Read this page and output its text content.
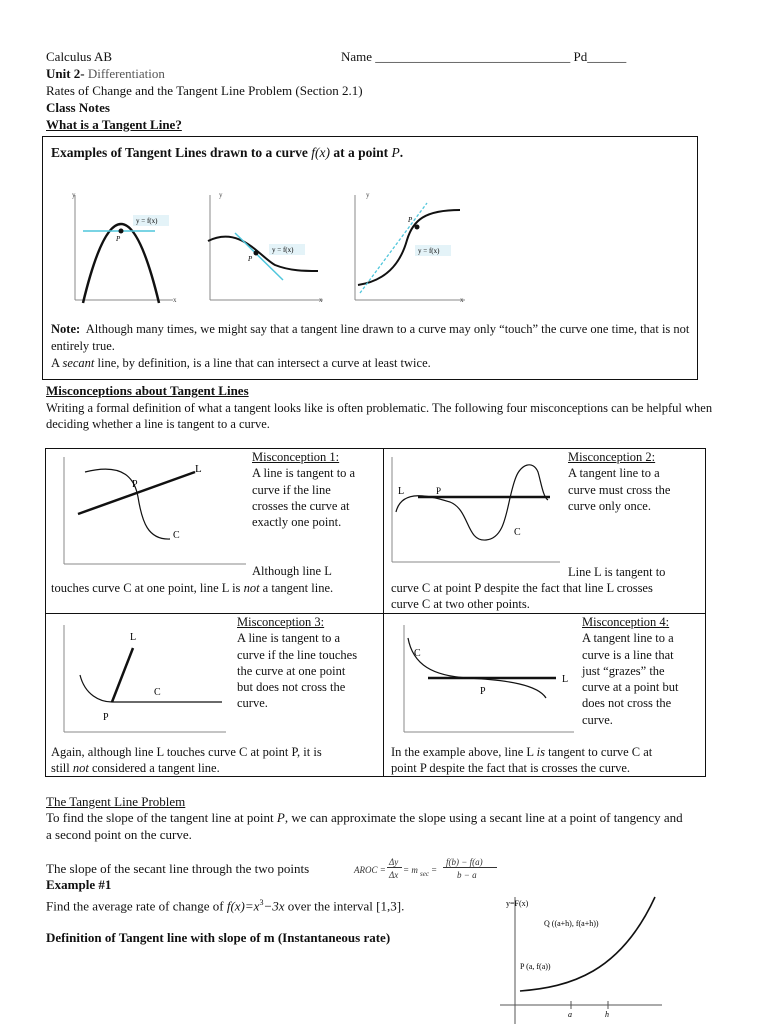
Calculus AB	Name ______________________________ Pd______
Unit 2- Differentiation
Rates of Change and the Tangent Line Problem (Section 2.1)
Class Notes
What is a Tangent Line?
Examples of Tangent Lines drawn to a curve f(x) at a point P.
y
x
P
y = f(x)
y
x
P
y = f(x)
y
x
P
y = f(x)
Note: Although many times, we might say that a tangent line drawn to a curve may only “touch” the curve one time, that is not entirely true.
A secant line, by definition, is a line that can intersect a curve at least twice.
Misconceptions about Tangent Lines
Writing a formal definition of what a tangent looks like is often problematic. The following four misconceptions can be helpful when deciding whether a line is tangent to a curve.
L
P
C
Misconception 1:
A line is tangent to a
curve if the line
crosses the curve at
exactly one point.
Although line L
touches curve C at one point, line L is not a tangent line.
L	P
C
Misconception 2:
A tangent line to a
curve must cross the
curve only once.
Line L is tangent to
curve C at point P despite the fact that line L crosses
curve C at two other points.
L
P
C
Misconception 3:
A line is tangent to a
curve if the line touches
the curve at one point
but does not cross the
curve.
Again, although line L touches curve C at point P, it is
still not considered a tangent line.
C
P
L
Misconception 4:
A tangent line to a
curve is a line that
just “grazes” the
curve at a point but
does not cross the
curve.
In the example above, line L is tangent to curve C at
point P despite the fact that is crosses the curve.
The Tangent Line Problem
To find the slope of the tangent line at point P, we can approximate the slope using a secant line at a point of tangency and
a second point on the curve.
The slope of the secant line through the two points	AROC =
Δy
Δx = m sec =
f(b) − f(a)
b − a
Example #1
Find the average rate of change of $f(x)=x^3-3x$ over the interval [1,3].
Definition of Tangent line with slope of m (Instantaneous rate)
y=F(x)
Q ((a+h), f(a+h))
P (a, f(a))
a	h
